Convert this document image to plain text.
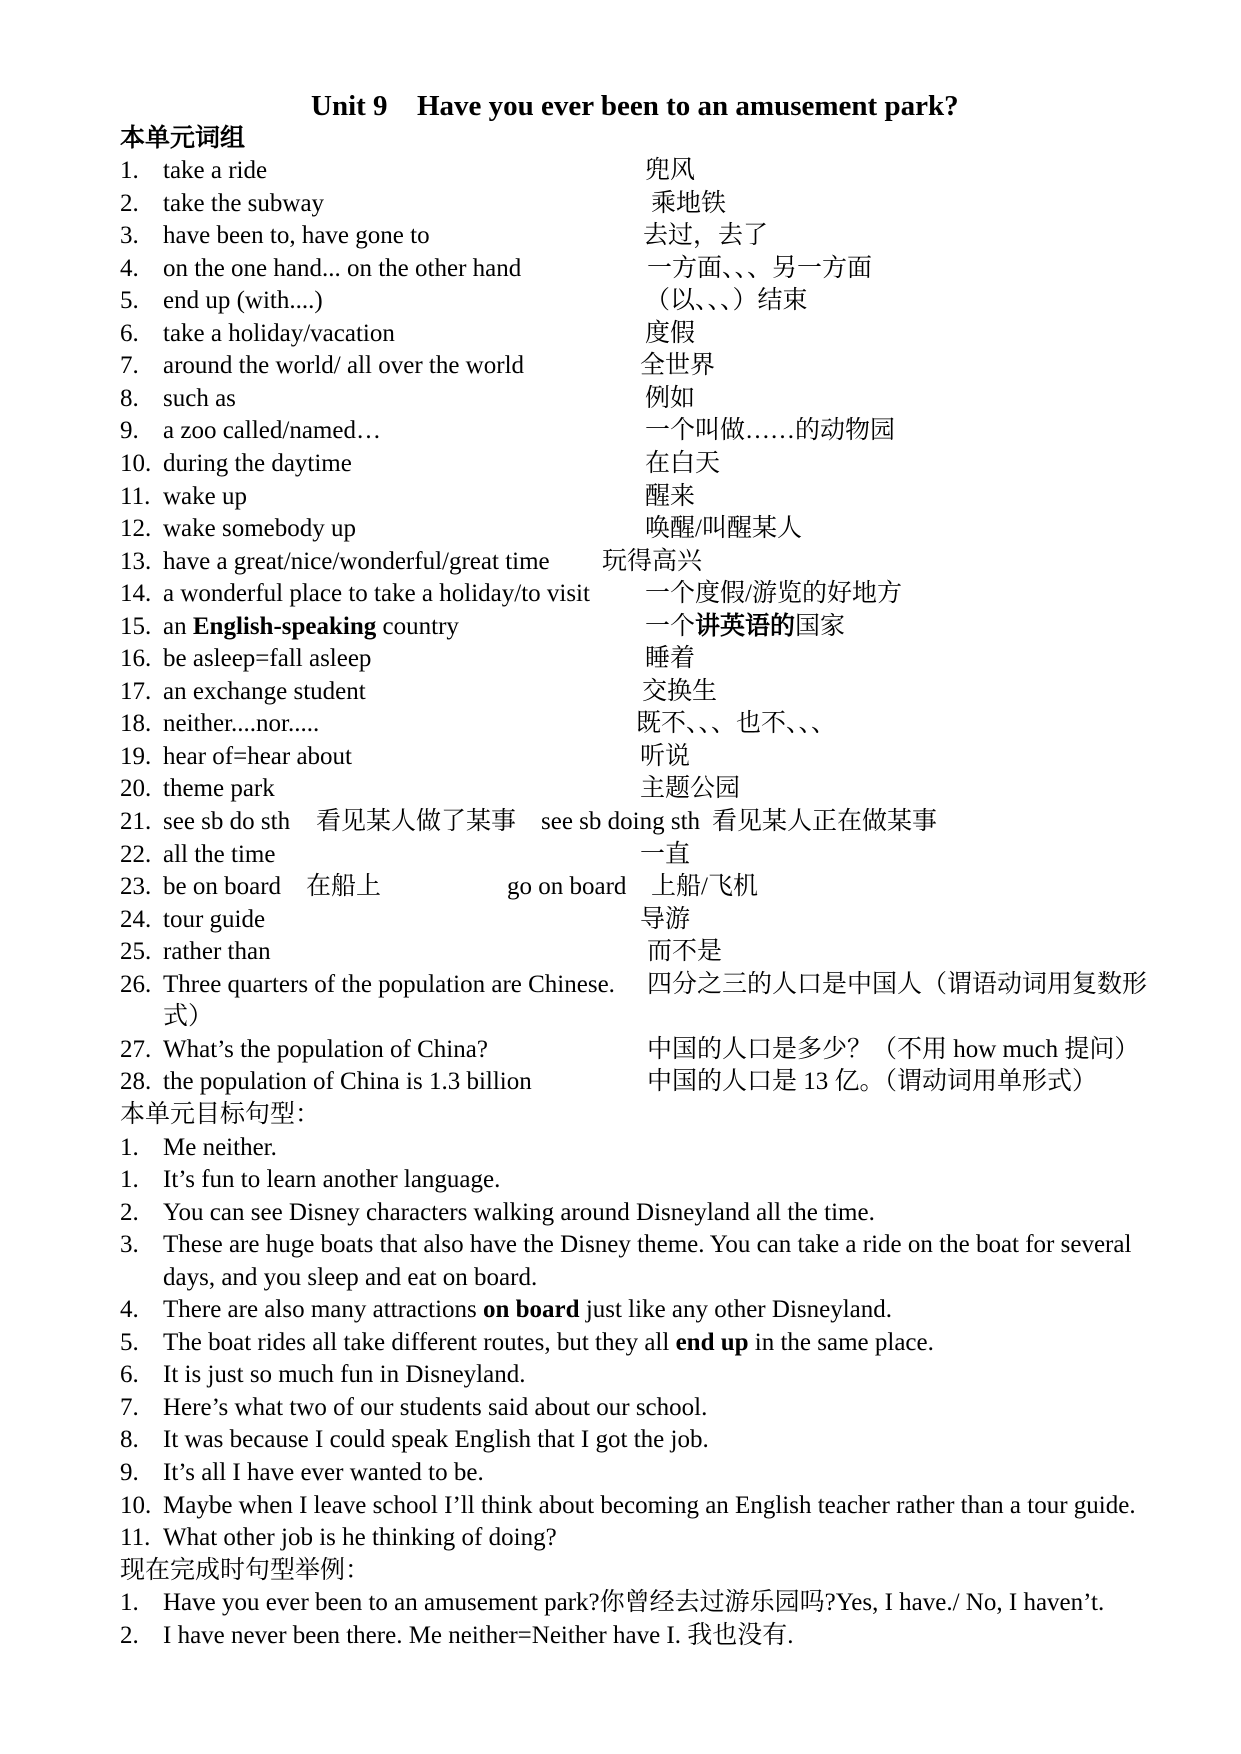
Unit 9 Have you ever been to an amusement park?
本单元词组
1. take a ride	兜风
2. take the subway	乘地铁
3. have been to, have gone to	去过，去了
4. on the one hand... on the other hand	一方面、、、另一方面
5. end up (with....)	（以、、、）结束
6. take a holiday/vacation	度假
7. around the world/ all over the world	全世界
8. such as	例如
9. a zoo called/named…	一个叫做……的动物园
10. during the daytime	在白天
11. wake up	醒来
12. wake somebody up	唤醒/叫醒某人
13. have a great/nice/wonderful/great time 玩得高兴
14. a wonderful place to take a holiday/to visit 一个度假/游览的好地方
15. an English-speaking country	一个讲英语的国家
16. be asleep=fall asleep	睡着
17. an exchange student	交换生
18. neither....nor.....	既不、、、也不、、、
19. hear of=hear about	听说
20. theme park	主题公园
21. see sb do sth 看见某人做了某事 see sb doing sth 看见某人正在做某事
22. all the time	一直
23. be on board 在船上	go on board 上船/飞机
24. tour guide	导游
25. rather than	而不是
26. Three quarters of the population are Chinese. 四分之三的人口是中国人（谓语动词用复数形
式）
27. What’s the population of China?	中国的人口是多少？（不用 how much 提问）
28. the population of China is 1.3 billion	中国的人口是 13 亿。（谓动词用单形式）
本单元目标句型：
1. Me neither.
1. It’s fun to learn another language.
2. You can see Disney characters walking around Disneyland all the time.
3. These are huge boats that also have the Disney theme. You can take a ride on the boat for several
days, and you sleep and eat on board.
4. There are also many attractions on board just like any other Disneyland.
5. The boat rides all take different routes, but they all end up in the same place.
6. It is just so much fun in Disneyland.
7. Here’s what two of our students said about our school.
8. It was because I could speak English that I got the job.
9. It’s all I have ever wanted to be.
10. Maybe when I leave school I’ll think about becoming an English teacher rather than a tour guide.
11. What other job is he thinking of doing?
现在完成时句型举例：
1. Have you ever been to an amusement park?你曾经去过游乐园吗?Yes, I have./ No, I haven’t.
2. I have never been there. Me neither=Neither have I. 我也没有.
